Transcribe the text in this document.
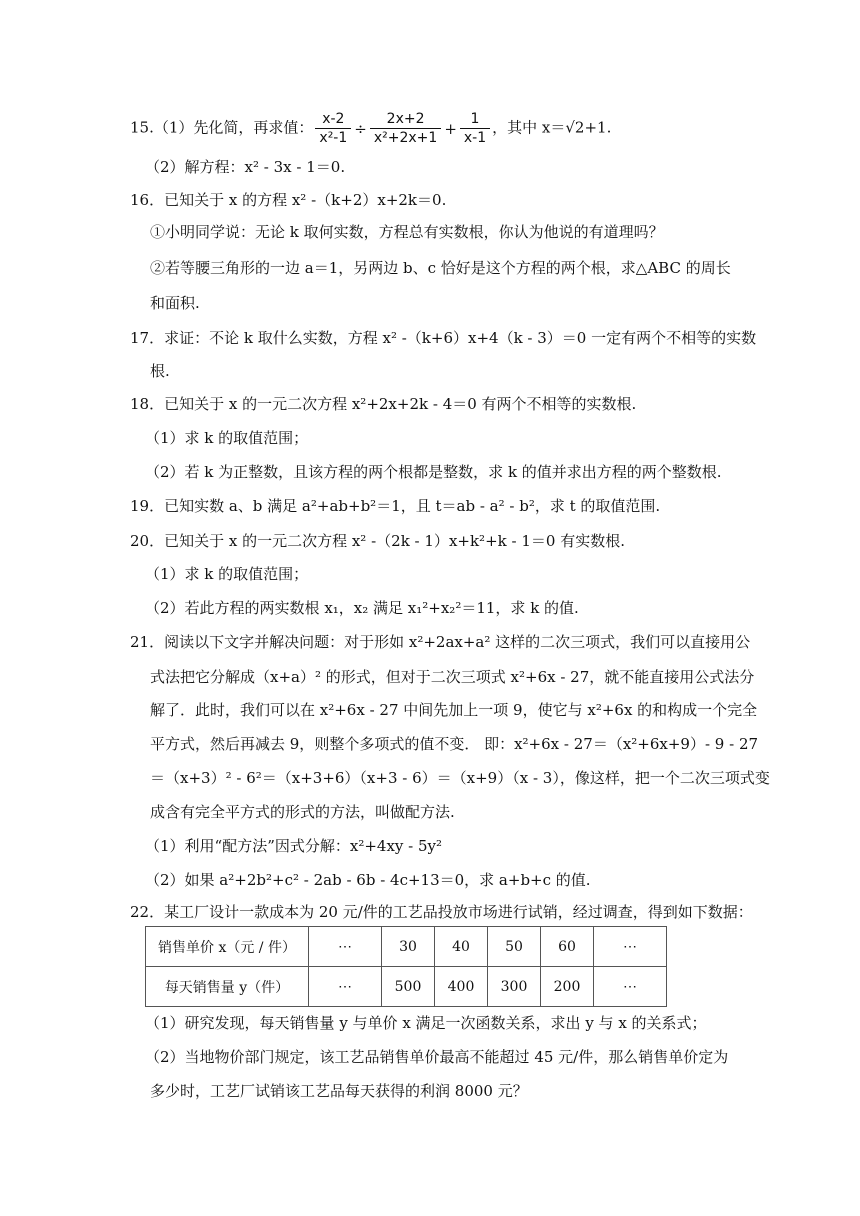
15.（1）先化简，再求值： $\frac{x-2}{\text{x²-1}} \div \frac{2x+2}{\text{x²+2x+1}} + \frac{1}{x-1}$ ，其中 x＝√2+1.
（2）解方程：x² - 3x - 1＝0.
16．已知关于 x 的方程 x² -（k+2）x+2k＝0.
①小明同学说：无论 k 取何实数，方程总有实数根，你认为他说的有道理吗？
②若等腰三角形的一边 a＝1，另两边 b、c 恰好是这个方程的两个根，求△ABC 的周长
和面积.
17．求证：不论 k 取什么实数，方程 x² -（k+6）x+4（k - 3）＝0 一定有两个不相等的实数
根.
18．已知关于 x 的一元二次方程 x²+2x+2k - 4＝0 有两个不相等的实数根.
（1）求 k 的取值范围；
（2）若 k 为正整数，且该方程的两个根都是整数，求 k 的值并求出方程的两个整数根.
19．已知实数 a、b 满足 a²+ab+b²＝1，且 t＝ab - a² - b²，求 t 的取值范围.
20．已知关于 x 的一元二次方程 x² -（2k - 1）x+k²+k - 1＝0 有实数根.
（1）求 k 的取值范围；
（2）若此方程的两实数根 x₁，x₂ 满足 x₁²+x₂²＝11，求 k 的值.
21．阅读以下文字并解决问题：对于形如 x²+2ax+a² 这样的二次三项式，我们可以直接用公
式法把它分解成（x+a）² 的形式，但对于二次三项式 x²+6x - 27，就不能直接用公式法分
解了．此时，我们可以在 x²+6x - 27 中间先加上一项 9，使它与 x²+6x 的和构成一个完全
平方式，然后再减去 9，则整个多项式的值不变． 即：x²+6x - 27＝（x²+6x+9）- 9 - 27
＝（x+3）² - 6²＝（x+3+6）（x+3 - 6）＝（x+9）（x - 3），像这样，把一个二次三项式变
成含有完全平方式的形式的方法，叫做配方法.
（1）利用“配方法”因式分解：x²+4xy - 5y²
（2）如果 a²+2b²+c² - 2ab - 6b - 4c+13＝0，求 a+b+c 的值.
22．某工厂设计一款成本为 20 元/件的工艺品投放市场进行试销，经过调查，得到如下数据：
销售单价 x（元 / 件）	⋯	30	40	50	60	⋯
每天销售量 y（件）	⋯	500	400	300	200	⋯
（1）研究发现，每天销售量 y 与单价 x 满足一次函数关系，求出 y 与 x 的关系式；
（2）当地物价部门规定，该工艺品销售单价最高不能超过 45 元/件，那么销售单价定为
多少时，工艺厂试销该工艺品每天获得的利润 8000 元？
